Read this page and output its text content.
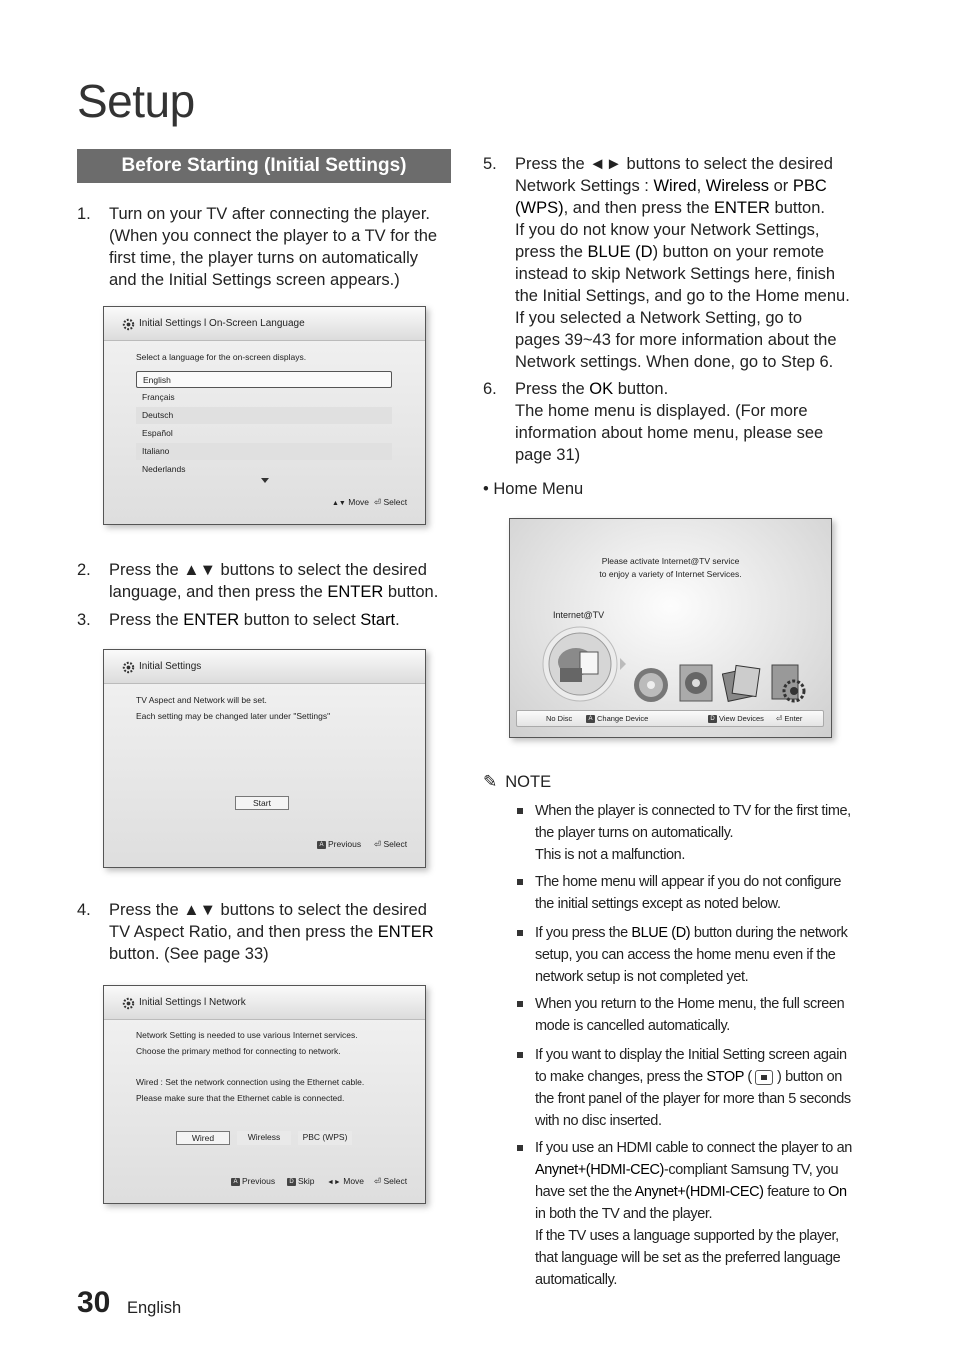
Setup
Before Starting (Initial Settings)
1. Turn on your TV after connecting the player.
(When you connect the player to a TV for the
first time, the player turns on automatically
and the Initial Settings screen appears.)
Initial Settings l On-Screen Language
Select a language for the on-screen displays.
English
Français
Deutsch
Español
Italiano
Nederlands
▲▼ Move ⏎ Select
2. Press the ▲▼ buttons to select the desired
language, and then press the ENTER button.
3. Press the ENTER button to select Start.
Initial Settings
TV Aspect and Network will be set.
Each setting may be changed later under "Settings"
Start
A Previous ⏎ Select
4. Press the ▲▼ buttons to select the desired
TV Aspect Ratio, and then press the ENTER
button. (See page 33)
Initial Settings l Network
Network Setting is needed to use various Internet services.
Choose the primary method for connecting to network.
Wired : Set the network connection using the Ethernet cable.
Please make sure that the Ethernet cable is connected.
Wired	Wireless	PBC (WPS)
A Previous	D Skip ◄► Move ⏎ Select
5. Press the ◄► buttons to select the desired
Network Settings : Wired, Wireless or PBC
(WPS), and then press the ENTER button.
If you do not know your Network Settings,
press the BLUE (D) button on your remote
instead to skip Network Settings here, finish
the Initial Settings, and go to the Home menu.
If you selected a Network Setting, go to
pages 39~43 for more information about the
Network settings. When done, go to Step 6.
6. Press the OK button.
The home menu is displayed. (For more
information about home menu, please see
page 31)
• Home Menu
Please activate Internet@TV service
to enjoy a variety of Internet Services.
Internet@TV
No Disc	A Change Device	D View Devices ⏎ Enter
✎ NOTE
When the player is connected to TV for the first time,
the player turns on automatically.
This is not a malfunction.
The home menu will appear if you do not configure
the initial settings except as noted below.
If you press the BLUE (D) button during the network
setup, you can access the home menu even if the
network setup is not completed yet.
When you return to the Home menu, the full screen
mode is cancelled automatically.
If you want to display the Initial Setting screen again
to make changes, press the STOP (
) button on
the front panel of the player for more than 5 seconds
with no disc inserted.
If you use an HDMI cable to connect the player to an
Anynet+(HDMI-CEC)-compliant Samsung TV, you
have set the the Anynet+(HDMI-CEC) feature to On
in both the TV and the player.
If the TV uses a language supported by the player,
that language will be set as the preferred language
automatically.
30 English
